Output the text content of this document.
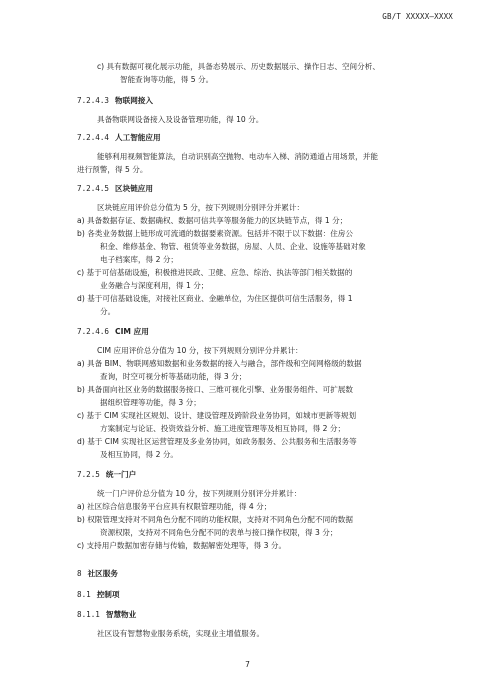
GB/T XXXXX—XXXX
c) 具有数据可视化展示功能，具备态势展示、历史数据展示、操作日志、空间分析、
智能查询等功能，得 5 分。
7.2.4.3 物联网接入
具备物联网设备接入及设备管理功能，得 10 分。
7.2.4.4 人工智能应用
能够利用视频智能算法，自动识别高空抛物、电动车入梯、消防通道占用场景，并能
进行预警，得 5 分。
7.2.4.5 区块链应用
区块链应用评价总分值为 5 分，按下列规则分别评分并累计：
a) 具备数据存证、数据确权、数据可信共享等服务能力的区块链节点，得 1 分；
b) 各类业务数据上链形成可流通的数据要素资源。包括并不限于以下数据：住房公
积金、维修基金、物管、租赁等业务数据，房屋、人员、企业、设施等基础对象
电子档案库，得 2 分；
c) 基于可信基础设施，积极推进民政、卫健、应急、综治、执法等部门相关数据的
业务融合与深度利用，得 1 分；
d) 基于可信基础设施，对接社区商业、金融单位，为住区提供可信生活服务，得 1
分。
7.2.4.6 CIM 应用
CIM 应用评价总分值为 10 分，按下列规则分别评分并累计：
a) 具备 BIM、物联网感知数据和业务数据的接入与融合，部件级和空间网格级的数据
查询，时空可视分析等基础功能，得 3 分；
b) 具备面向社区业务的数据服务接口、三维可视化引擎、业务服务组件、可扩展数
据组织管理等功能，得 3 分；
c) 基于 CIM 实现社区规划、设计、建设管理及跨阶段业务协同，如城市更新等规划
方案制定与论证、投资效益分析、施工进度管理等及相互协同，得 2 分；
d) 基于 CIM 实现社区运营管理及多业务协同，如政务服务、公共服务和生活服务等
及相互协同，得 2 分。
7.2.5 统一门户
统一门户评价总分值为 10 分，按下列规则分别评分并累计：
a) 社区综合信息服务平台应具有权限管理功能，得 4 分；
b) 权限管理支持对不同角色分配不同的功能权限，支持对不同角色分配不同的数据
资源权限，支持对不同角色分配不同的表单与接口操作权限，得 3 分；
c) 支持用户数据加密存储与传输，数据解密处理等，得 3 分。
8 社区服务
8.1 控制项
8.1.1 智慧物业
社区设有智慧物业服务系统，实现业主增值服务。
7
